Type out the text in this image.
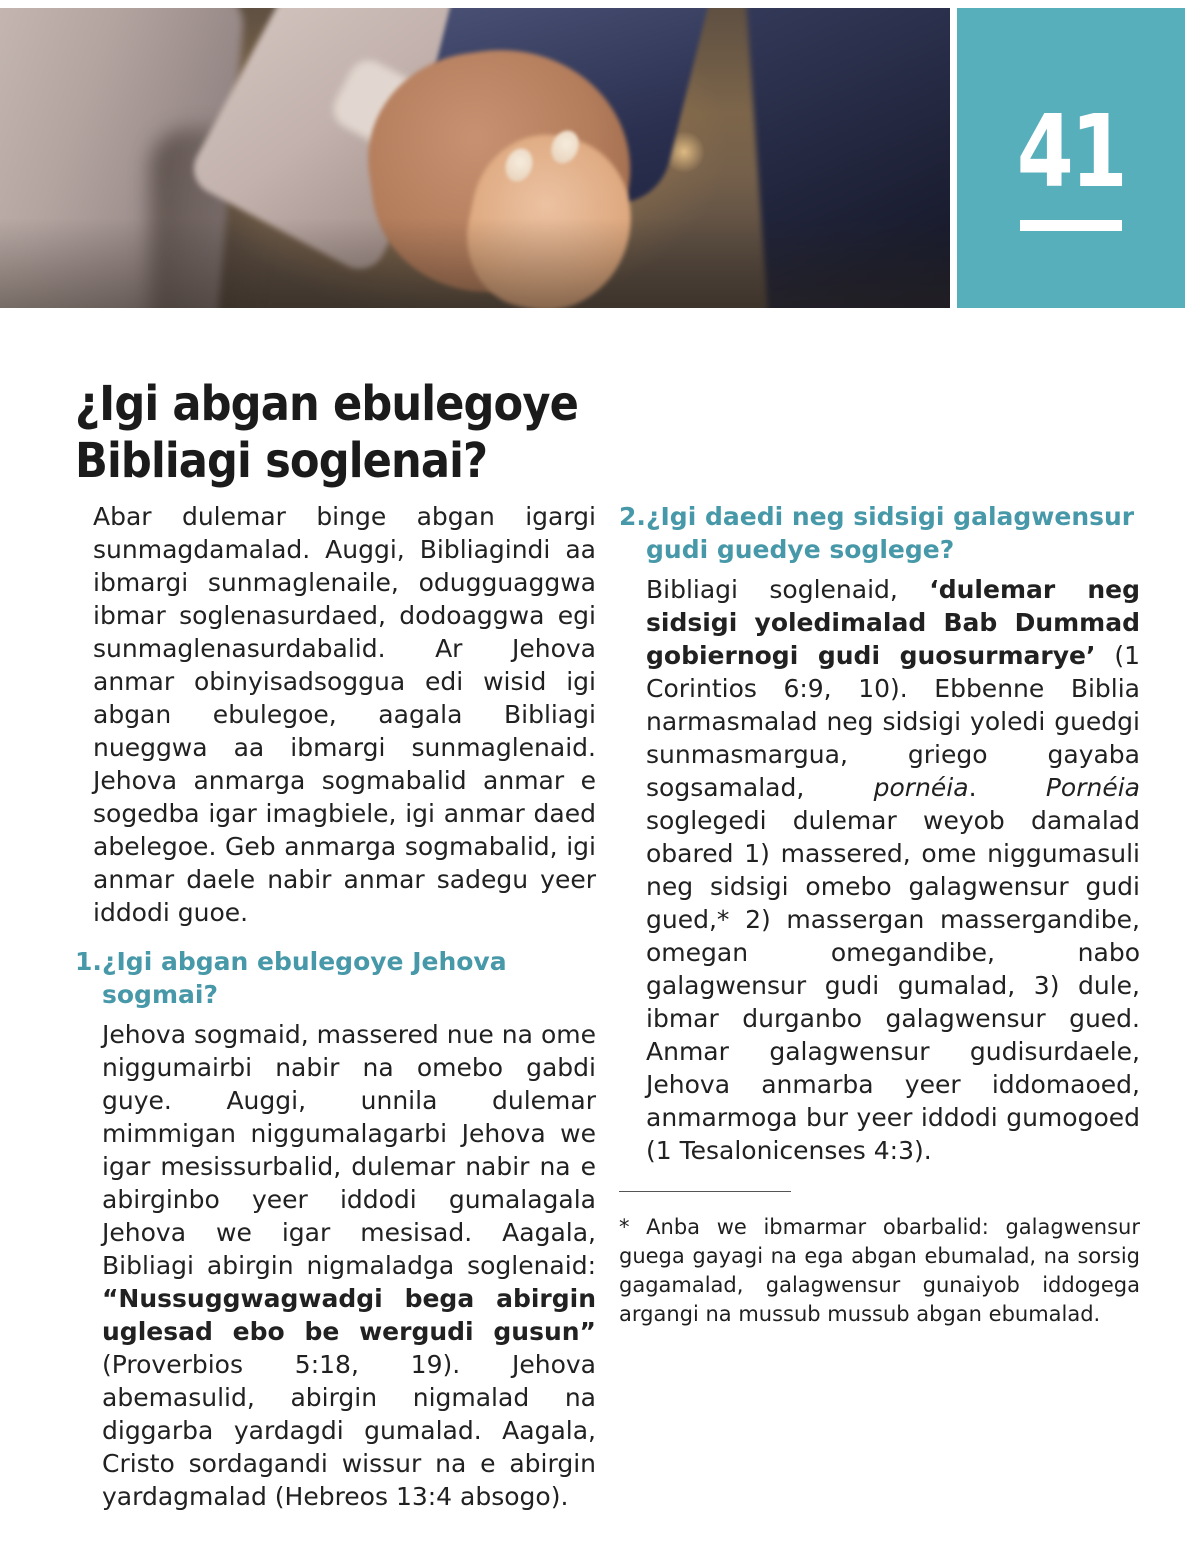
41
¿Igi abgan ebulegoye Bibliagi soglenai?

Abar dulemar binge abgan igargi sunmagdamalad. Auggi, Bibliagindi aa ibmargi sunmaglenaile, odugguaggwa ibmar soglenasurdaed, dodoaggwa egi sunmaglenasurdabalid. Ar Jehova anmar obinyisadsoggua edi wisid igi abgan ebulegoe, aagala Bibliagi nueggwa aa ibmargi sunmaglenaid. Jehova anmarga sogmabalid anmar e sogedba igar imagbiele, igi anmar daed abelegoe. Geb anmarga sogmabalid, igi anmar daele nabir anmar sadegu yeer iddodi guoe.

1. ¿Igi abgan ebulegoye Jehova sogmai?

Jehova sogmaid, massered nue na ome niggumairbi nabir na omebo gabdi guye. Auggi, unnila dulemar mimmigan niggumalagarbi Jehova we igar mesissurbalid, dulemar nabir na e abirginbo yeer iddodi gumalagala Jehova we igar mesisad. Aagala, Bibliagi abirgin nigmaladga soglenaid: “Nussuggwagwadgi bega abirgin uglesad ebo be wergudi gusun” (Proverbios 5:18, 19). Jehova abemasulid, abirgin nigmalad na diggarba yardagdi gumalad. Aagala, Cristo sordagandi wissur na e abirgin yardagmalad (Hebreos 13:4 absogo).

2. ¿Igi daedi neg sidsigi galagwensur gudi guedye soglege?

Bibliagi soglenaid, ‘dulemar neg sidsigi yoledimalad Bab Dummad gobiernogi gudi guosurmarye’ (1 Corintios 6:9, 10). Ebbenne Biblia narmasmalad neg sidsigi yoledi guedgi sunmasmargua, griego gayaba sogsamalad, pornéia. Pornéia soglegedi dulemar weyob damalad obared 1) massered, ome niggumasuli neg sidsigi omebo galagwensur gudi gued,* 2) massergan massergandibe, omegan omegandibe, nabo galagwensur gudi gumalad, 3) dule, ibmar durganbo galagwensur gued. Anmar galagwensur gudisurdaele, Jehova anmarba yeer iddomaoed, anmarmoga bur yeer iddodi gumogoed (1 Tesalonicenses 4:3).

* Anba we ibmarmar obarbalid: galagwensur guega gayagi na ega abgan ebumalad, na sorsig gagamalad, galagwensur gunaiyob iddogega argangi na mussub mussub abgan ebumalad.
